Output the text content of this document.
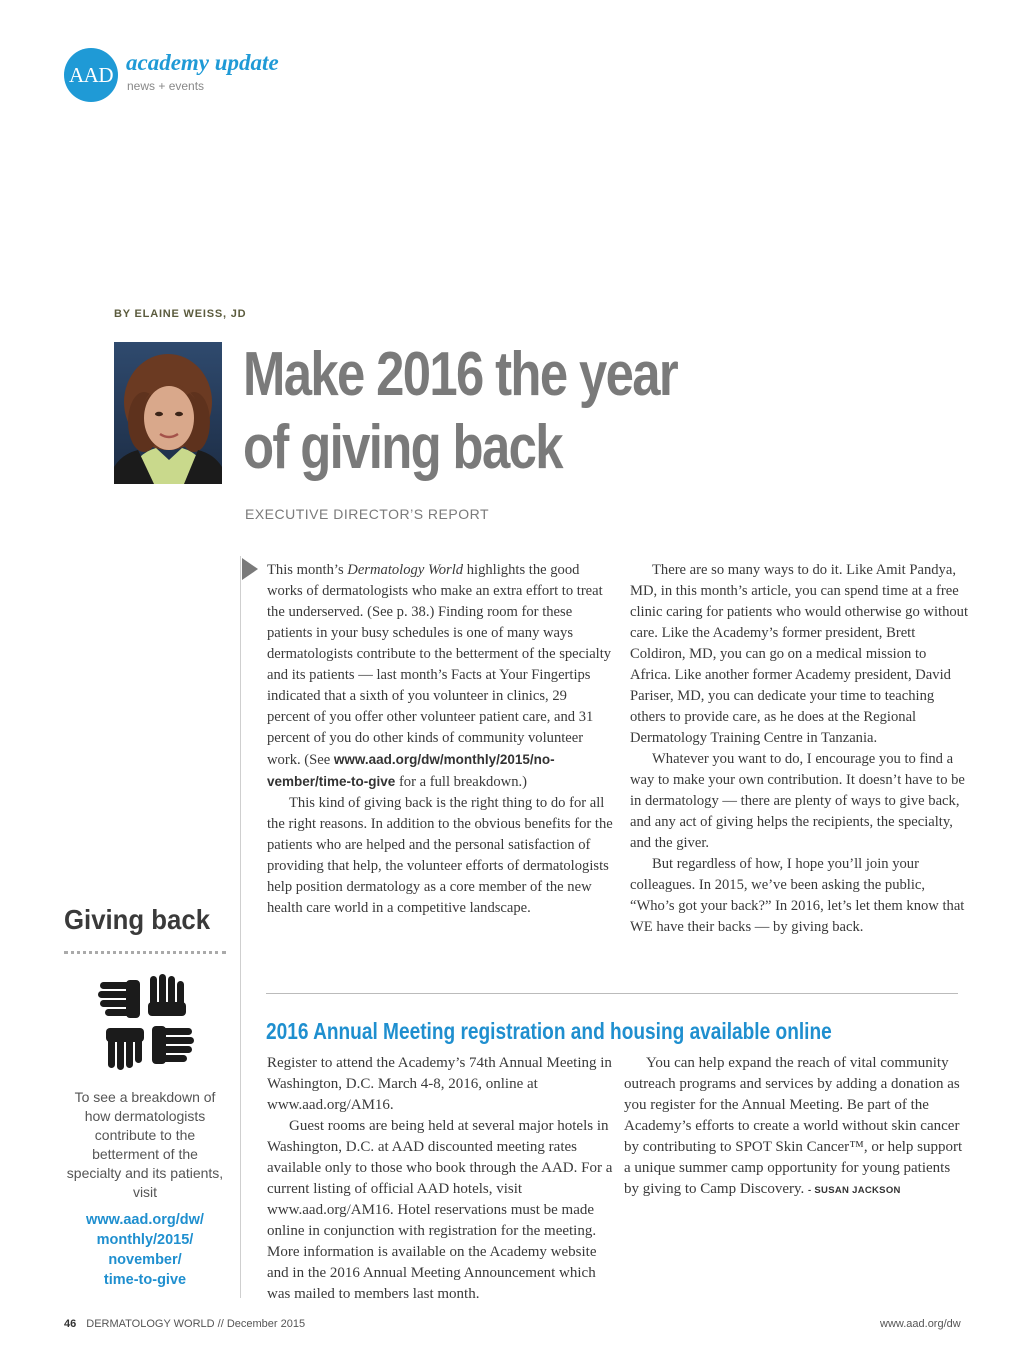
AAD academy update
news + events
BY ELAINE WEISS, JD
Make 2016 the year
of giving back
EXECUTIVE DIRECTOR’S REPORT

This month’s Dermatology World highlights the good works of dermatologists who make an extra effort to treat the underserved. (See p. 38.) Finding room for these patients in your busy schedules is one of many ways dermatologists contribute to the betterment of the specialty and its patients — last month’s Facts at Your Fingertips indicated that a sixth of you volunteer in clinics, 29 percent of you offer other volunteer patient care, and 31 percent of you do other kinds of community volunteer work. (See www.aad.org/dw/monthly/2015/no-vember/time-to-give for a full breakdown.)

This kind of giving back is the right thing to do for all the right reasons. In addition to the obvious benefits for the patients who are helped and the personal satisfaction of providing that help, the volunteer efforts of dermatologists help position dermatology as a core member of the new health care world in a competitive landscape.

There are so many ways to do it. Like Amit Pandya, MD, in this month’s article, you can spend time at a free clinic caring for patients who would otherwise go without care. Like the Academy’s former president, Brett Coldiron, MD, you can go on a medical mission to Africa. Like another former Academy president, David Pariser, MD, you can dedicate your time to teaching others to provide care, as he does at the Regional Dermatology Training Centre in Tanzania.

Whatever you want to do, I encourage you to find a way to make your own contribution. It doesn’t have to be in dermatology — there are plenty of ways to give back, and any act of giving helps the recipients, the specialty, and the giver.

But regardless of how, I hope you’ll join your colleagues. In 2015, we’ve been asking the public, “Who’s got your back?” In 2016, let’s let them know that WE have their backs — by giving back.

Giving back
To see a breakdown of how dermatologists contribute to the betterment of the specialty and its patients, visit
www.aad.org/dw/
monthly/2015/
november/
time-to-give
2016 Annual Meeting registration and housing available online

Register to attend the Academy’s 74th Annual Meeting in Washington, D.C. March 4-8, 2016, online at www.aad.org/AM16.

Guest rooms are being held at several major hotels in Washington, D.C. at AAD discounted meeting rates available only to those who book through the AAD. For a current listing of official AAD hotels, visit www.aad.org/AM16. Hotel reservations must be made online in conjunction with registration for the meeting. More information is available on the Academy website and in the 2016 Annual Meeting Announcement which was mailed to members last month.

You can help expand the reach of vital community outreach programs and services by adding a donation as you register for the Annual Meeting. Be part of the Academy’s efforts to create a world without skin cancer by contributing to SPOT Skin Cancer™, or help support a unique summer camp opportunity for young patients by giving to Camp Discovery. - SUSAN JACKSON

46 DERMATOLOGY WORLD // December 2015	www.aad.org/dw
